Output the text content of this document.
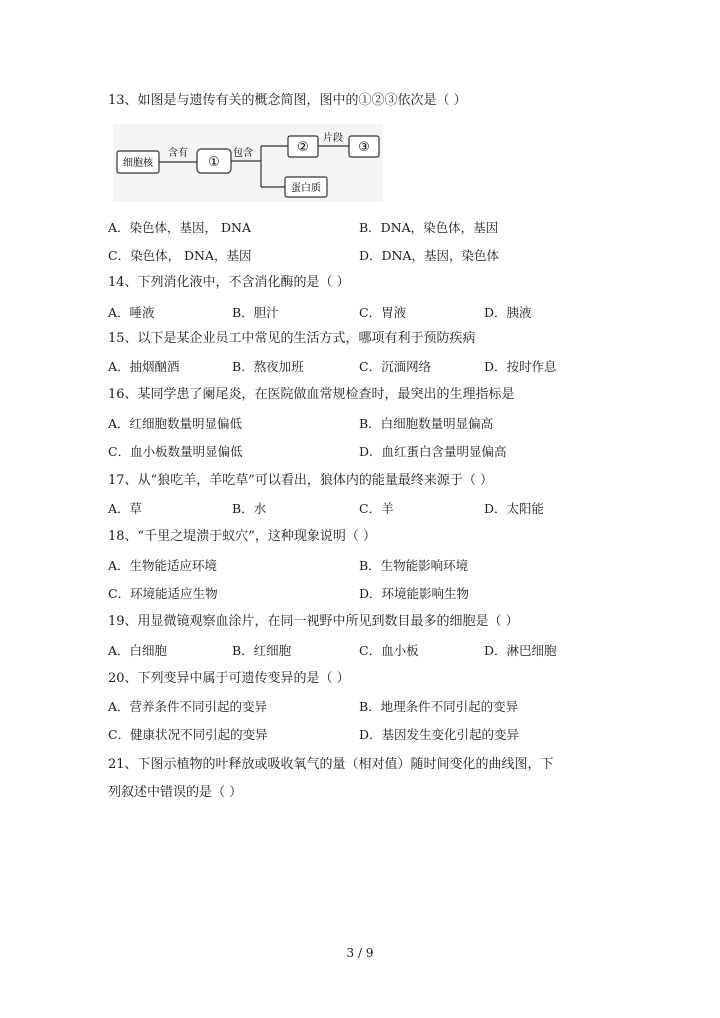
13、如图是与遗传有关的概念简图，图中的①②③依次是（ ）
细胞核
含有
①
包含	②
片段
③
蛋白质
A．染色体，基因， DNA	B．DNA，染色体，基因
C．染色体， DNA，基因	D．DNA，基因，染色体
14、下列消化液中，不含消化酶的是（ ）
A．唾液	B．胆汁	C．胃液	D．胰液
15、以下是某企业员工中常见的生活方式，哪项有利于预防疾病
A．抽烟酗酒	B．熬夜加班	C．沉湎网络	D．按时作息
16、某同学患了阑尾炎，在医院做血常规检查时，最突出的生理指标是
A．红细胞数量明显偏低	B．白细胞数量明显偏高
C．血小板数量明显偏低	D．血红蛋白含量明显偏高
17、从“狼吃羊，羊吃草”可以看出，狼体内的能量最终来源于（ ）
A．草	B．水	C．羊	D．太阳能
18、“千里之堤溃于蚁穴”，这种现象说明（ ）
A．生物能适应环境	B．生物能影响环境
C．环境能适应生物	D．环境能影响生物
19、用显微镜观察血涂片，在同一视野中所见到数目最多的细胞是（ ）
A．白细胞	B．红细胞	C．血小板	D．淋巴细胞
20、下列变异中属于可遗传变异的是（ ）
A．营养条件不同引起的变异	B．地理条件不同引起的变异
C．健康状况不同引起的变异	D．基因发生变化引起的变异
21、下图示植物的叶释放或吸收氧气的量（相对值）随时间变化的曲线图，下
列叙述中错误的是（ ）
3 / 9
